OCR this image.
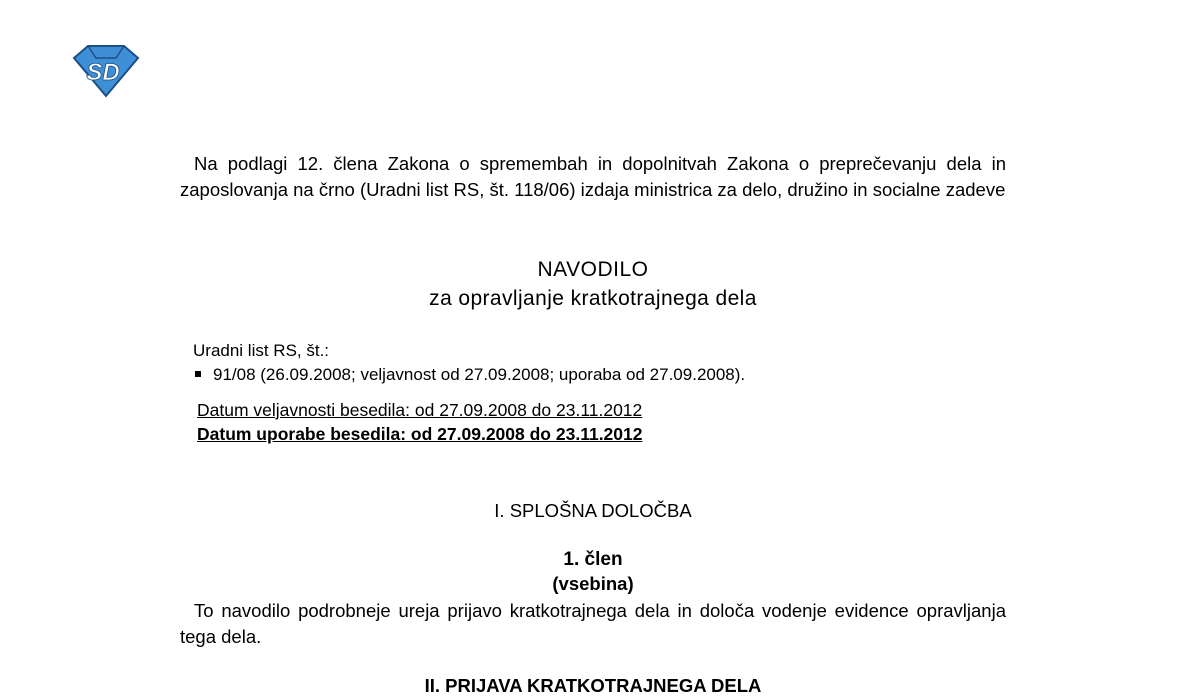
SD
Na podlagi 12. člena Zakona o spremembah in dopolnitvah Zakona o preprečevanju dela in zaposlovanja na črno (Uradni list RS, št. 118/06) izdaja ministrica za delo, družino in socialne zadeve
NAVODILO
za opravljanje kratkotrajnega dela
Uradni list RS, št.:
91/08 (26.09.2008; veljavnost od 27.09.2008; uporaba od 27.09.2008).
Datum veljavnosti besedila: od 27.09.2008 do 23.11.2012
Datum uporabe besedila: od 27.09.2008 do 23.11.2012
I. SPLOŠNA DOLOČBA
1. člen
(vsebina)
To navodilo podrobneje ureja prijavo kratkotrajnega dela in določa vodenje evidence opravljanja tega dela.
II. PRIJAVA KRATKOTRAJNEGA DELA
